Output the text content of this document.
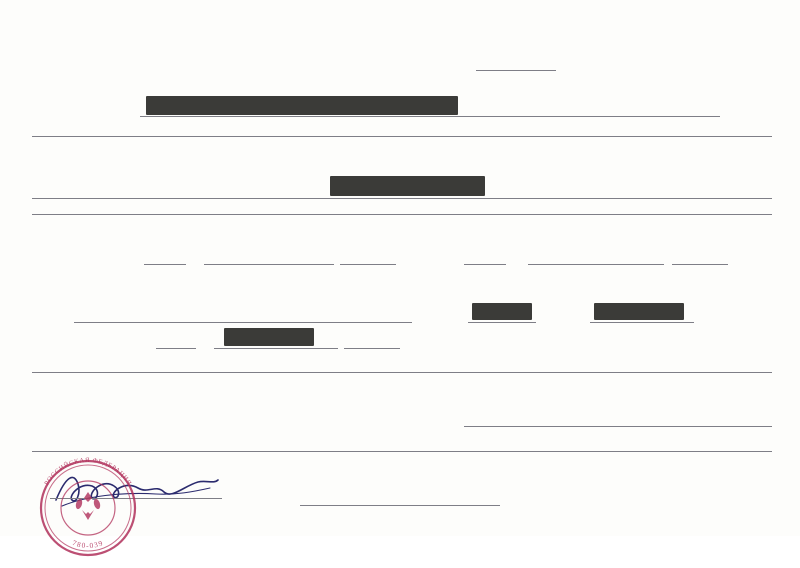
РОССИЙСКАЯ ФЕДЕРАЦИЯ
780-039
